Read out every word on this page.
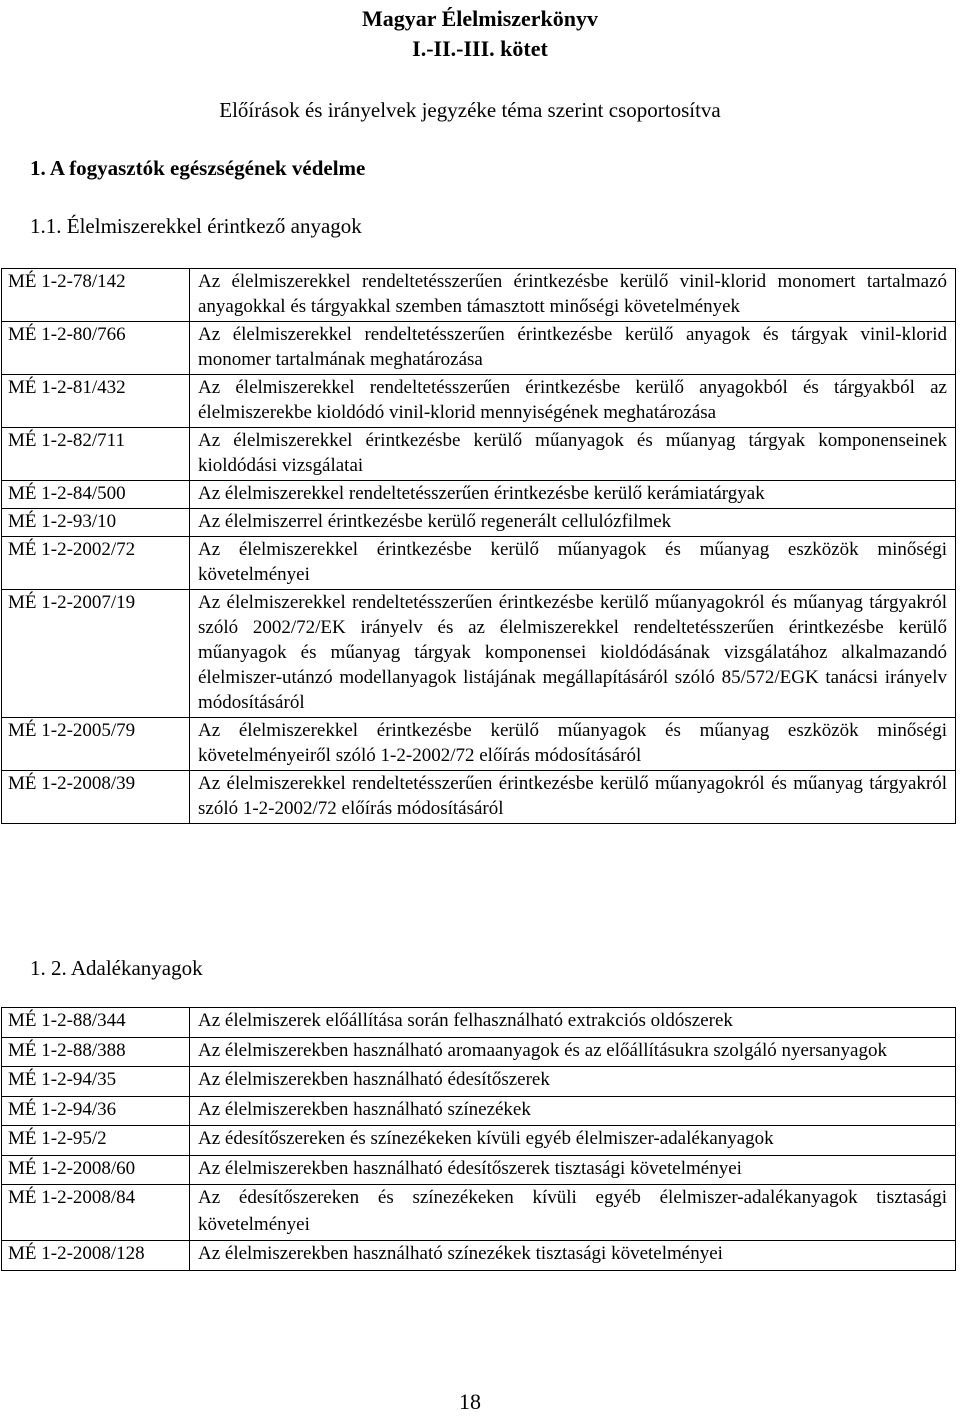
Magyar Élelmiszerkönyv
I.-II.-III. kötet
Előírások és irányelvek jegyzéke téma szerint csoportosítva
1. A fogyasztók egészségének védelme
1.1. Élelmiszerekkel érintkező anyagok
MÉ 1-2-78/142	Az élelmiszerekkel rendeltetésszerűen érintkezésbe kerülő vinil-klorid monomert tartalmazó anyagokkal és tárgyakkal szemben támasztott minőségi követelmények
MÉ 1-2-80/766	Az élelmiszerekkel rendeltetésszerűen érintkezésbe kerülő anyagok és tárgyak vinil-klorid monomer tartalmának meghatározása
MÉ 1-2-81/432	Az élelmiszerekkel rendeltetésszerűen érintkezésbe kerülő anyagokból és tárgyakból az élelmiszerekbe kioldódó vinil-klorid mennyiségének meghatározása
MÉ 1-2-82/711	Az élelmiszerekkel érintkezésbe kerülő műanyagok és műanyag tárgyak komponenseinek kioldódási vizsgálatai
MÉ 1-2-84/500	Az élelmiszerekkel rendeltetésszerűen érintkezésbe kerülő kerámiatárgyak
MÉ 1-2-93/10	Az élelmiszerrel érintkezésbe kerülő regenerált cellulózfilmek
MÉ 1-2-2002/72	Az élelmiszerekkel érintkezésbe kerülő műanyagok és műanyag eszközök minőségi követelményei
MÉ 1-2-2007/19	Az élelmiszerekkel rendeltetésszerűen érintkezésbe kerülő műanyagokról és műanyag tárgyakról szóló 2002/72/EK irányelv és az élelmiszerekkel rendeltetésszerűen érintkezésbe kerülő műanyagok és műanyag tárgyak komponensei kioldódásának vizsgálatához alkalmazandó élelmiszer-utánzó modellanyagok listájának megállapításáról szóló 85/572/EGK tanácsi irányelv módosításáról
MÉ 1-2-2005/79	Az élelmiszerekkel érintkezésbe kerülő műanyagok és műanyag eszközök minőségi követelményeiről szóló 1-2-2002/72 előírás módosításáról
MÉ 1-2-2008/39	Az élelmiszerekkel rendeltetésszerűen érintkezésbe kerülő műanyagokról és műanyag tárgyakról szóló 1-2-2002/72 előírás módosításáról
1. 2. Adalékanyagok
MÉ 1-2-88/344	Az élelmiszerek előállítása során felhasználható extrakciós oldószerek
MÉ 1-2-88/388	Az élelmiszerekben használható aromaanyagok és az előállításukra szolgáló nyersanyagok
MÉ 1-2-94/35	Az élelmiszerekben használható édesítőszerek
MÉ 1-2-94/36	Az élelmiszerekben használható színezékek
MÉ 1-2-95/2	Az édesítőszereken és színezékeken kívüli egyéb élelmiszer-adalékanyagok
MÉ 1-2-2008/60	Az élelmiszerekben használható édesítőszerek tisztasági követelményei
MÉ 1-2-2008/84	Az édesítőszereken és színezékeken kívüli egyéb élelmiszer-adalékanyagok tisztasági követelményei
MÉ 1-2-2008/128	Az élelmiszerekben használható színezékek tisztasági követelményei
18
